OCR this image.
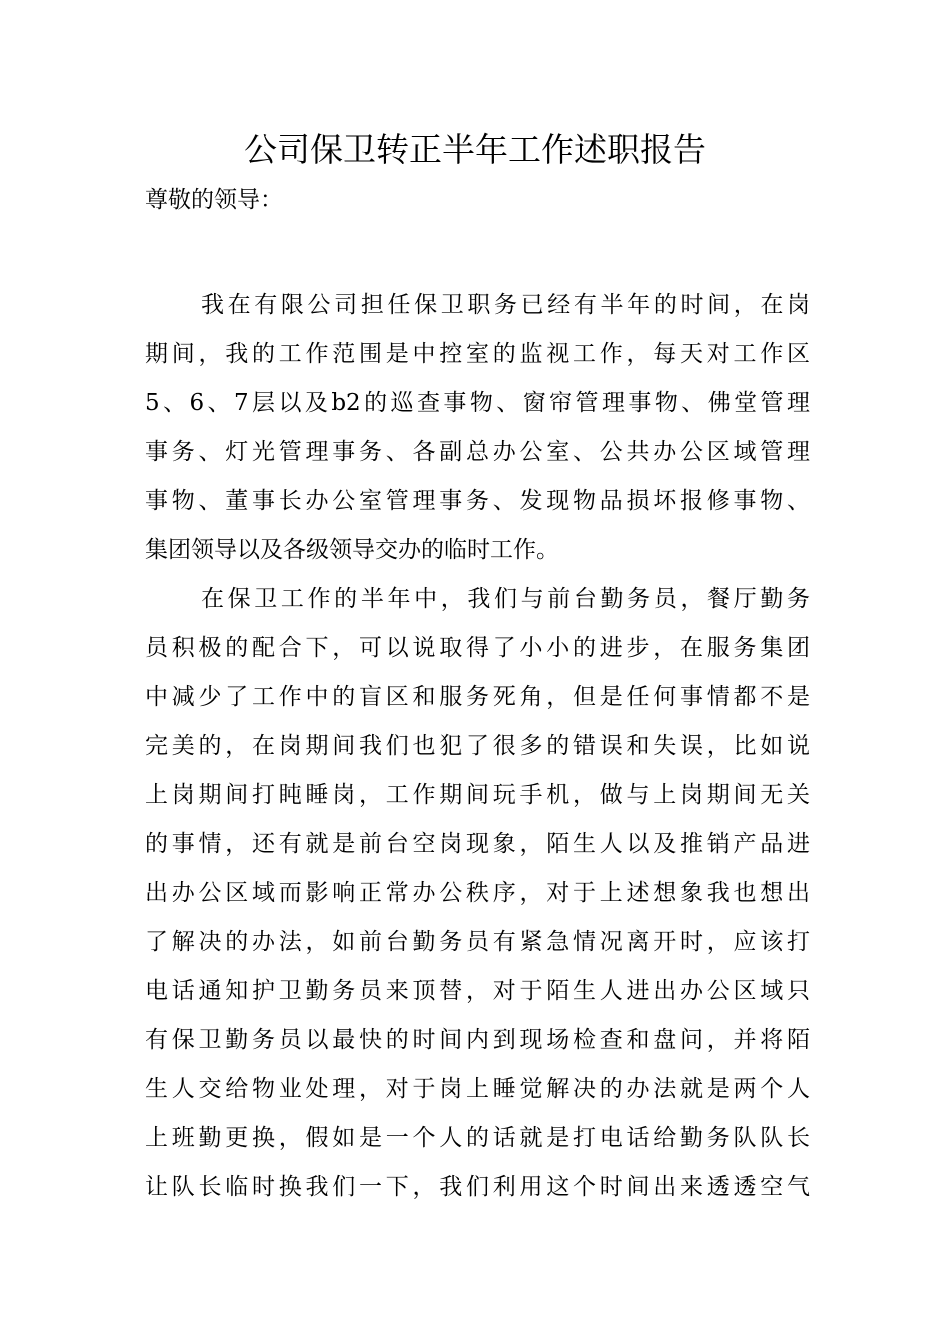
公司保卫转正半年工作述职报告

尊敬的领导：

我在有限公司担任保卫职务已经有半年的时间，在岗
期间，我的工作范围是中控室的监视工作，每天对工作区
5、6、7层以及b2的巡查事物、窗帘管理事物、佛堂管理
事务、灯光管理事务、各副总办公室、公共办公区域管理
事物、董事长办公室管理事务、发现物品损坏报修事物、
集团领导以及各级领导交办的临时工作。
在保卫工作的半年中，我们与前台勤务员，餐厅勤务
员积极的配合下，可以说取得了小小的进步，在服务集团
中减少了工作中的盲区和服务死角，但是任何事情都不是
完美的，在岗期间我们也犯了很多的错误和失误，比如说
上岗期间打盹睡岗，工作期间玩手机，做与上岗期间无关
的事情，还有就是前台空岗现象，陌生人以及推销产品进
出办公区域而影响正常办公秩序，对于上述想象我也想出
了解决的办法，如前台勤务员有紧急情况离开时，应该打
电话通知护卫勤务员来顶替，对于陌生人进出办公区域只
有保卫勤务员以最快的时间内到现场检查和盘问，并将陌
生人交给物业处理，对于岗上睡觉解决的办法就是两个人
上班勤更换，假如是一个人的话就是打电话给勤务队队长
让队长临时换我们一下，我们利用这个时间出来透透空气
